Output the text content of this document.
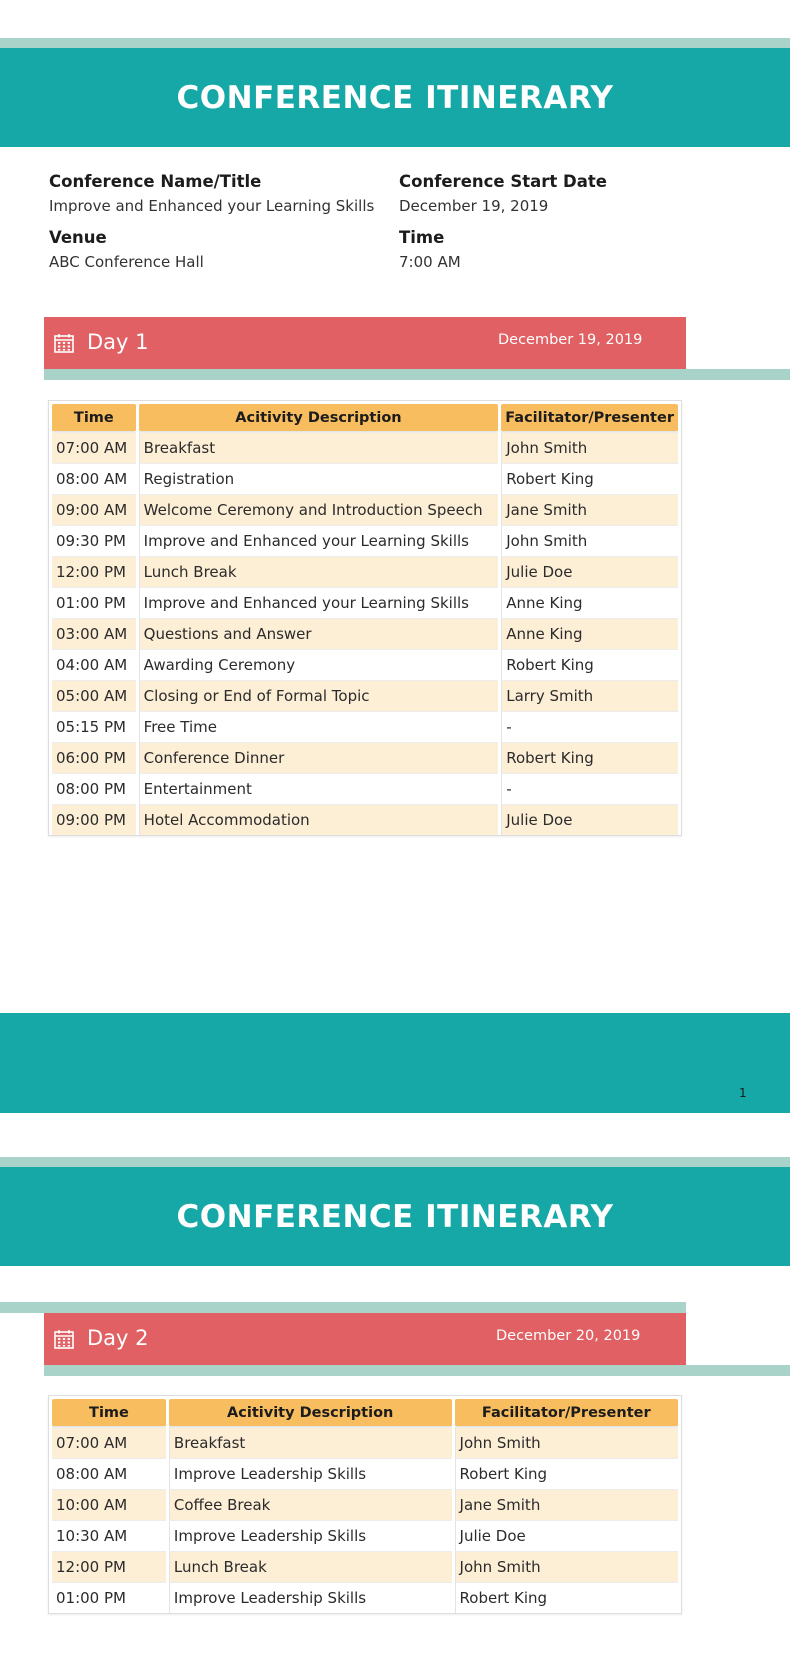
CONFERENCE ITINERARY
Conference Name/Title
Improve and Enhanced your Learning Skills
Conference Start Date
December 19, 2019
Venue
ABC Conference Hall
Time
7:00 AM
Day 1	December 19, 2019

Time	Acitivity Description	Facilitator/Presenter
07:00 AM	Breakfast	John Smith
08:00 AM	Registration	Robert King
09:00 AM	Welcome Ceremony and Introduction Speech	Jane Smith
09:30 PM	Improve and Enhanced your Learning Skills	John Smith
12:00 PM	Lunch Break	Julie Doe
01:00 PM	Improve and Enhanced your Learning Skills	Anne King
03:00 AM	Questions and Answer	Anne King
04:00 AM	Awarding Ceremony	Robert King
05:00 AM	Closing or End of Formal Topic	Larry Smith
05:15 PM	Free Time	-
06:00 PM	Conference Dinner	Robert King
08:00 PM	Entertainment	-
09:00 PM	Hotel Accommodation	Julie Doe
1
CONFERENCE ITINERARY
Day 2	December 20, 2019

Time	Acitivity Description	Facilitator/Presenter
07:00 AM	Breakfast	John Smith
08:00 AM	Improve Leadership Skills	Robert King
10:00 AM	Coffee Break	Jane Smith
10:30 AM	Improve Leadership Skills	Julie Doe
12:00 PM	Lunch Break	John Smith
01:00 PM	Improve Leadership Skills	Robert King
